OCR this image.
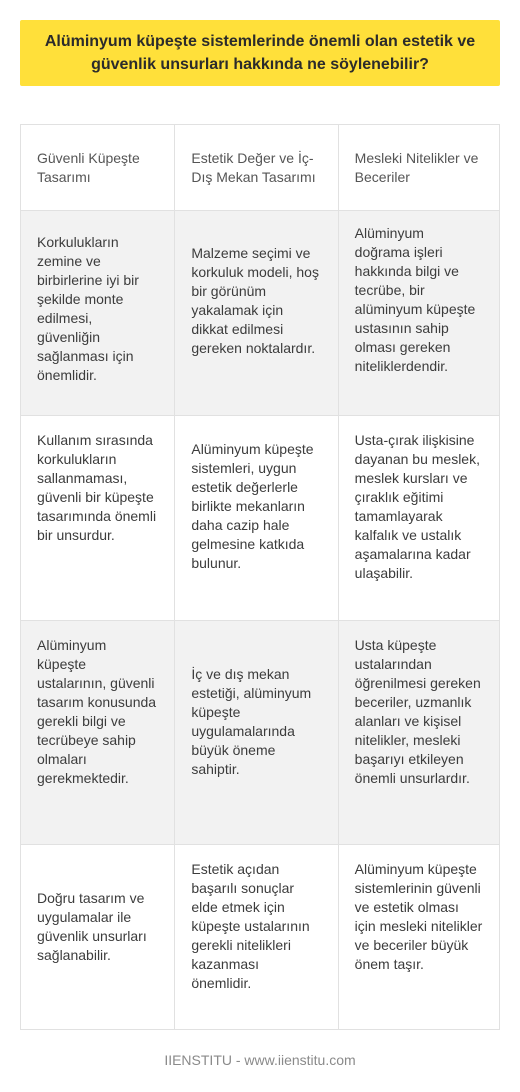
Alüminyum küpeşte sistemlerinde önemli olan estetik ve güvenlik unsurları hakkında ne söylenebilir?
Güvenli Küpeşte Tasarımı
Estetik Değer ve İç-Dış Mekan Tasarımı
Mesleki Nitelikler ve Beceriler
Korkulukların zemine ve birbirlerine iyi bir şekilde monte edilmesi, güvenliğin sağlanması için önemlidir.
Malzeme seçimi ve korkuluk modeli, hoş bir görünüm yakalamak için dikkat edilmesi gereken noktalardır.
Alüminyum doğrama işleri hakkında bilgi ve tecrübe, bir alüminyum küpeşte ustasının sahip olması gereken niteliklerdendir.
Kullanım sırasında korkulukların sallanmaması, güvenli bir küpeşte tasarımında önemli bir unsurdur.
Alüminyum küpeşte sistemleri, uygun estetik değerlerle birlikte mekanların daha cazip hale gelmesine katkıda bulunur.
Usta-çırak ilişkisine dayanan bu meslek, meslek kursları ve çıraklık eğitimi tamamlayarak kalfalık ve ustalık aşamalarına kadar ulaşabilir.
Alüminyum küpeşte ustalarının, güvenli tasarım konusunda gerekli bilgi ve tecrübeye sahip olmaları gerekmektedir.
İç ve dış mekan estetiği, alüminyum küpeşte uygulamalarında büyük öneme sahiptir.
Usta küpeşte ustalarından öğrenilmesi gereken beceriler, uzmanlık alanları ve kişisel nitelikler, mesleki başarıyı etkileyen önemli unsurlardır.
Doğru tasarım ve uygulamalar ile güvenlik unsurları sağlanabilir.
Estetik açıdan başarılı sonuçlar elde etmek için küpeşte ustalarının gerekli nitelikleri kazanması önemlidir.
Alüminyum küpeşte sistemlerinin güvenli ve estetik olması için mesleki nitelikler ve beceriler büyük önem taşır.
IIENSTITU - www.iienstitu.com
